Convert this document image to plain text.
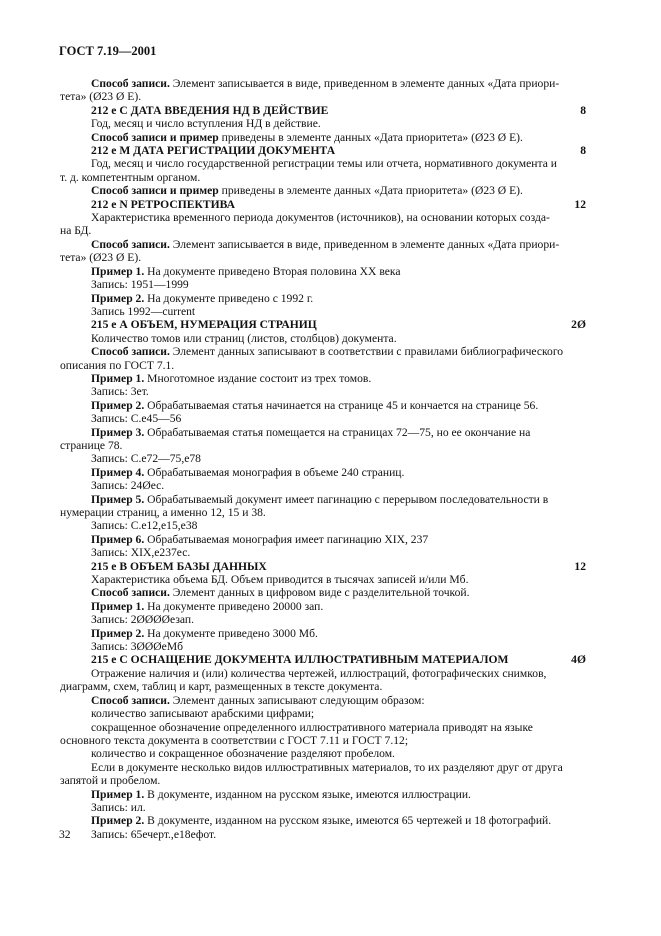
ГОСТ 7.19—2001

Способ записи. Элемент записывается в виде, приведенном в элементе данных «Дата приори-

тета» (Ø23 Ø Е).

212 е С ДАТА ВВЕДЕНИЯ НД В ДЕЙСТВИЕ	8

Год, месяц и число вступления НД в действие.

Способ записи и пример приведены в элементе данных «Дата приоритета» (Ø23 Ø Е).

212 е М ДАТА РЕГИСТРАЦИИ ДОКУМЕНТА	8

Год, месяц и число государственной регистрации темы или отчета, нормативного документа и

т. д. компетентным органом.

Способ записи и пример приведены в элементе данных «Дата приоритета» (Ø23 Ø Е).

212 е N РЕТРОСПЕКТИВА	12

Характеристика временного периода документов (источников), на основании которых созда-

на БД.

Способ записи. Элемент записывается в виде, приведенном в элементе данных «Дата приори-

тета» (Ø23 Ø Е).

Пример 1. На документе приведено Вторая половина XX века

Запись: 1951—1999

Пример 2. На документе приведено с 1992 г.

Запись 1992—current

215 е А ОБЪЕМ, НУМЕРАЦИЯ СТРАНИЦ	2Ø

Количество томов или страниц (листов, столбцов) документа.

Способ записи. Элемент данных записывают в соответствии с правилами библиографического

описания по ГОСТ 7.1.

Пример 1. Многотомное издание состоит из трех томов.

Запись: 3ет.

Пример 2. Обрабатываемая статья начинается на странице 45 и кончается на странице 56.

Запись: С.е45—56

Пример 3. Обрабатываемая статья помещается на страницах 72—75, но ее окончание на

странице 78.

Запись: С.е72—75,е78

Пример 4. Обрабатываемая монография в объеме 240 страниц.

Запись: 24Øес.

Пример 5. Обрабатываемый документ имеет пагинацию с перерывом последовательности в

нумерации страниц, а именно 12, 15 и 38.

Запись: С.е12,е15,е38

Пример 6. Обрабатываемая монография имеет пагинацию XIX, 237

Запись: XIX,е237ес.

215 е В ОБЪЕМ БАЗЫ ДАННЫХ	12

Характеристика объема БД. Объем приводится в тысячах записей и/или Мб.

Способ записи. Элемент данных в цифровом виде с разделительной точкой.

Пример 1. На документе приведено 20000 зап.

Запись: 2ØØØØезап.

Пример 2. На документе приведено 3000 Мб.

Запись: 3ØØØеМб

215 е С ОСНАЩЕНИЕ ДОКУМЕНТА ИЛЛЮСТРАТИВНЫМ МАТЕРИАЛОМ	4Ø

Отражение наличия и (или) количества чертежей, иллюстраций, фотографических снимков,

диаграмм, схем, таблиц и карт, размещенных в тексте документа.

Способ записи. Элемент данных записывают следующим образом:

количество записывают арабскими цифрами;

сокращенное обозначение определенного иллюстративного материала приводят на языке

основного текста документа в соответствии с ГОСТ 7.11 и ГОСТ 7.12;

количество и сокращенное обозначение разделяют пробелом.

Если в документе несколько видов иллюстративных материалов, то их разделяют друг от друга

запятой и пробелом.

Пример 1. В документе, изданном на русском языке, имеются иллюстрации.

Запись: ил.

Пример 2. В документе, изданном на русском языке, имеются 65 чертежей и 18 фотографий.

Запись: 65ечерт.,е18ефот.

32
